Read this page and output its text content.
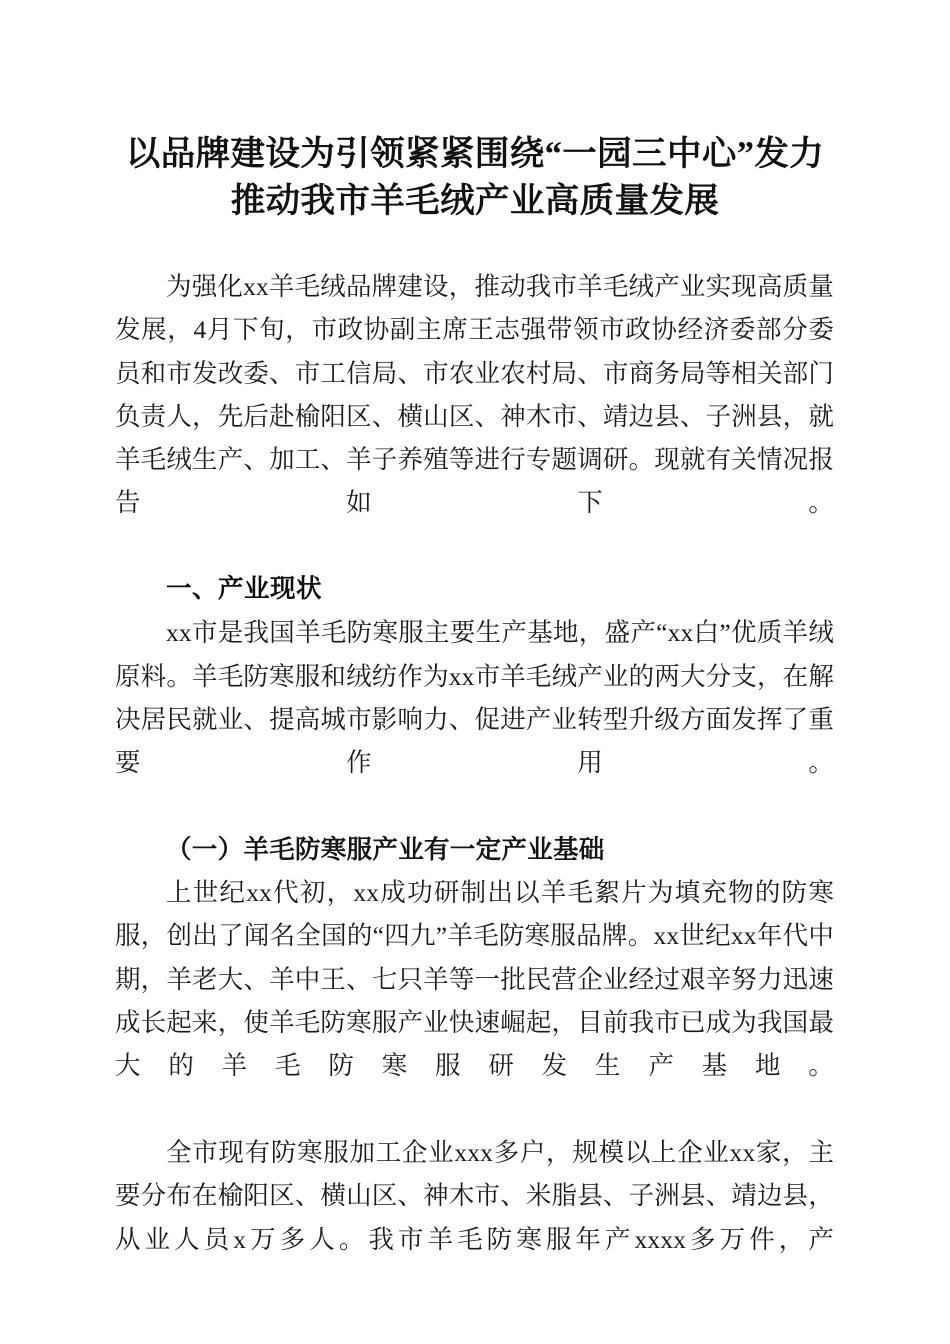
以品牌建设为引领紧紧围绕“一园三中心”发力推动我市羊毛绒产业高质量发展

为强化xx羊毛绒品牌建设，推动我市羊毛绒产业实现高质量发展，4月下旬，市政协副主席王志强带领市政协经济委部分委员和市发改委、市工信局、市农业农村局、市商务局等相关部门负责人，先后赴榆阳区、横山区、神木市、靖边县、子洲县，就羊毛绒生产、加工、羊子养殖等进行专题调研。现就有关情况报告如下。

一、产业现状

xx市是我国羊毛防寒服主要生产基地，盛产“xx白”优质羊绒原料。羊毛防寒服和绒纺作为xx市羊毛绒产业的两大分支，在解决居民就业、提高城市影响力、促进产业转型升级方面发挥了重要作用。

（一）羊毛防寒服产业有一定产业基础

上世纪xx代初，xx成功研制出以羊毛絮片为填充物的防寒服，创出了闻名全国的“四九”羊毛防寒服品牌。xx世纪xx年代中期，羊老大、羊中王、七只羊等一批民营企业经过艰辛努力迅速成长起来，使羊毛防寒服产业快速崛起，目前我市已成为我国最大的羊毛防寒服研发生产基地。

全市现有防寒服加工企业xxx多户，规模以上企业xx家，主要分布在榆阳区、横山区、神木市、米脂县、子洲县、靖边县，从业人员x万多人。我市羊毛防寒服年产xxxx多万件，产
